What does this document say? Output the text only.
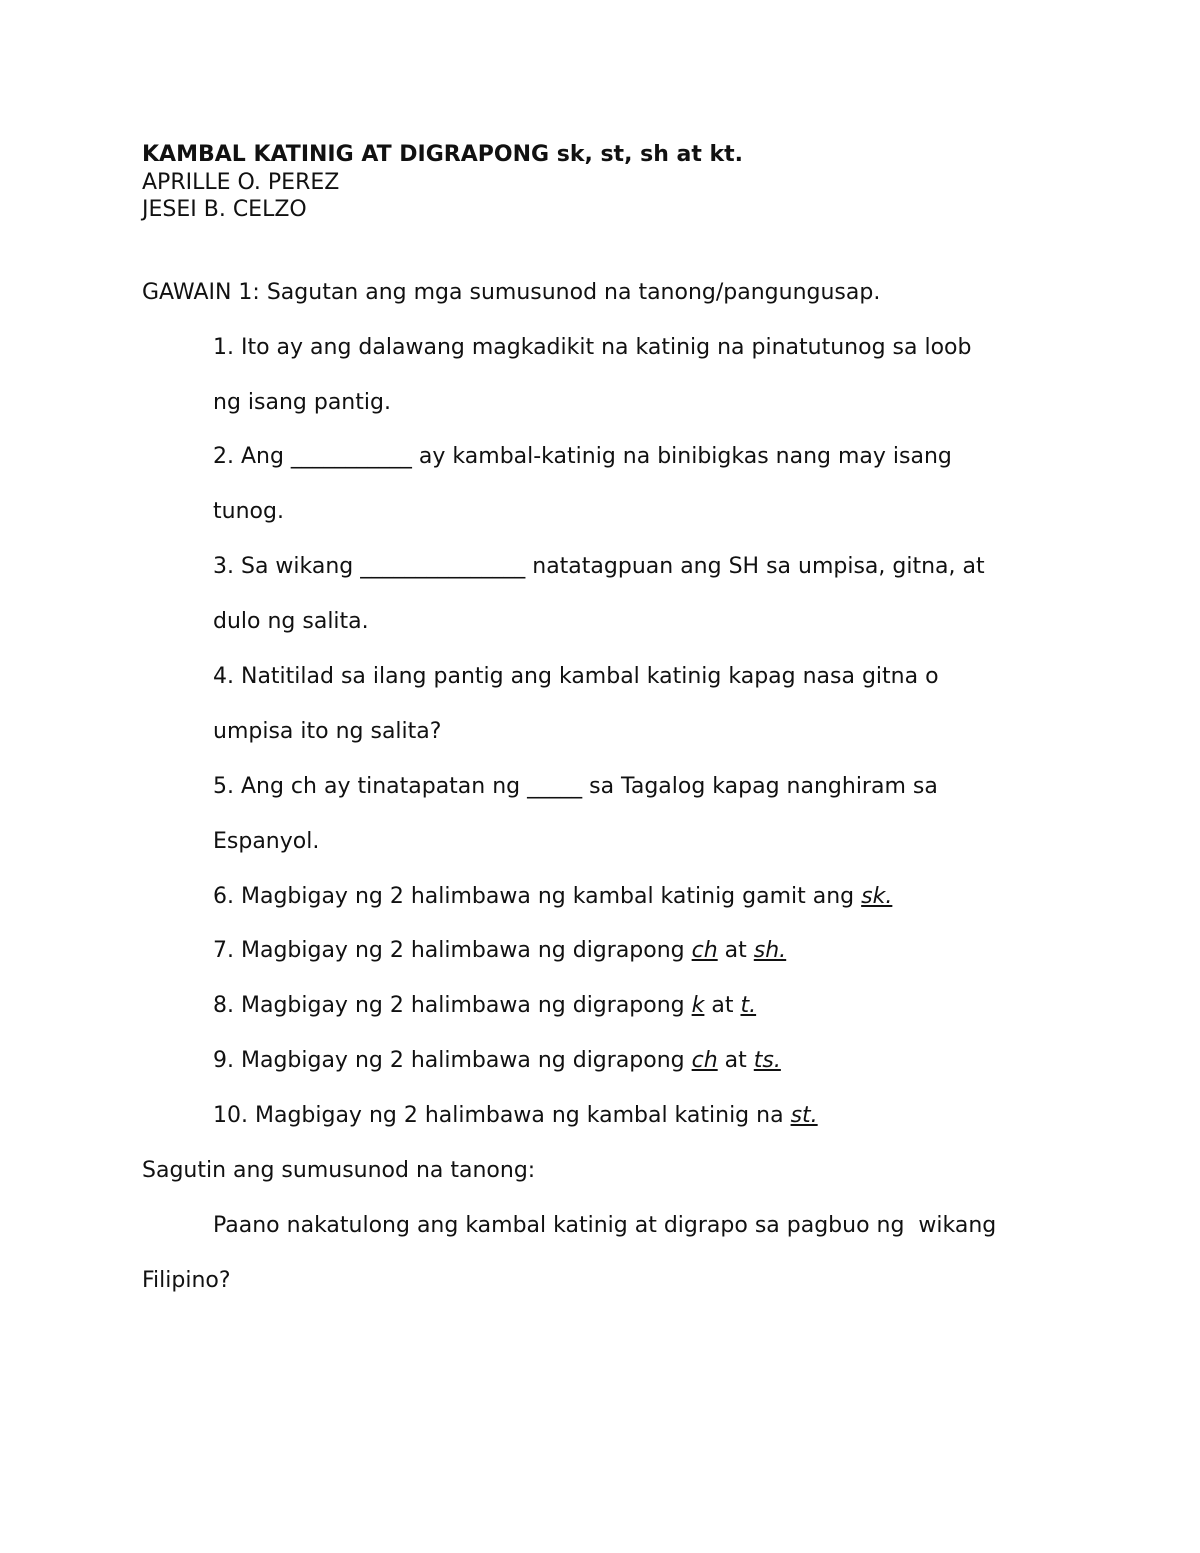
KAMBAL KATINIG AT DIGRAPONG sk, st, sh at kt.
APRILLE O. PEREZ
JESEI B. CELZO
GAWAIN 1: Sagutan ang mga sumusunod na tanong/pangungusap.
1. Ito ay ang dalawang magkadikit na katinig na pinatutunog sa loob
ng isang pantig.
2. Ang ___________ ay kambal-katinig na binibigkas nang may isang
tunog.
3. Sa wikang _______________ natatagpuan ang SH sa umpisa, gitna, at
dulo ng salita.
4. Natitilad sa ilang pantig ang kambal katinig kapag nasa gitna o
umpisa ito ng salita?
5. Ang ch ay tinatapatan ng _____ sa Tagalog kapag nanghiram sa
Espanyol.
6. Magbigay ng 2 halimbawa ng kambal katinig gamit ang sk.
7. Magbigay ng 2 halimbawa ng digrapong ch at sh.
8. Magbigay ng 2 halimbawa ng digrapong k at t.
9. Magbigay ng 2 halimbawa ng digrapong ch at ts.
10. Magbigay ng 2 halimbawa ng kambal katinig na st.
Sagutin ang sumusunod na tanong:
Paano nakatulong ang kambal katinig at digrapo sa pagbuo ng  wikang
Filipino?
